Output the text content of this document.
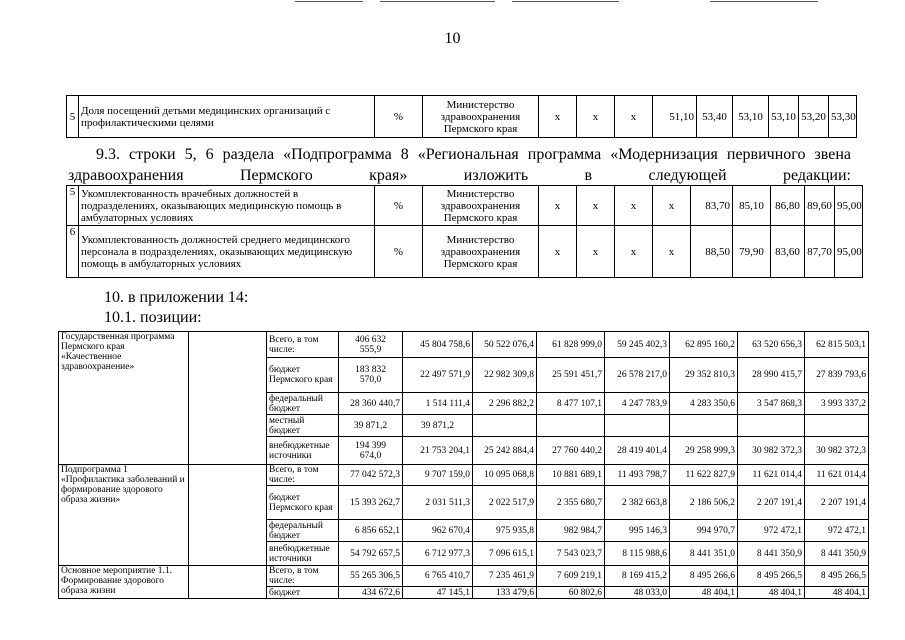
10
5	Доля посещений детьми медицинских организаций с профилактическими целями	%	Министерство здравоохранения Пермского края	x	x	x	51,10	53,40	53,10	53,10	53,20	53,30
9.3. строки 5, 6 раздела «Подпрограмма 8 «Региональная программа «Модернизация первичного звена здравоохранения Пермского края» изложить в следующей редакции:
5	Укомплектованность врачебных должностей в подразделениях, оказывающих медицинскую помощь в амбулаторных условиях	%	Министерство здравоохранения Пермского края	x	x	x	x	83,70	85,10	86,80	89,60	95,00
6	Укомплектованность должностей среднего медицинского персонала в подразделениях, оказывающих медицинскую помощь в амбулаторных условиях	%	Министерство здравоохранения Пермского края	x	x	x	x	88,50	79,90	83,60	87,70	95,00
10. в приложении 14:
10.1. позиции:
Государственная программа Пермского края «Качественное здравоохранение»		Всего, в том числе:	406 632 555,9	45 804 758,6	50 522 076,4	61 828 999,0	59 245 402,3	62 895 160,2	63 520 656,3	62 815 503,1
		бюджет Пермского края	183 832 570,0	22 497 571,9	22 982 309,8	25 591 451,7	26 578 217,0	29 352 810,3	28 990 415,7	27 839 793,6
		федеральный бюджет	28 360 440,7	1 514 111,4	2 296 882,2	8 477 107,1	4 247 783,9	4 283 350,6	3 547 868,3	3 993 337,2
		местный бюджет	39 871,2	39 871,2						
		внебюджетные источники	194 399 674,0	21 753 204,1	25 242 884,4	27 760 440,2	28 419 401,4	29 258 999,3	30 982 372,3	30 982 372,3
Подпрограмма 1 «Профилактика заболеваний и формирование здорового образа жизни»		Всего, в том числе:	77 042 572,3	9 707 159,0	10 095 068,8	10 881 689,1	11 493 798,7	11 622 827,9	11 621 014,4	11 621 014,4
		бюджет Пермского края	15 393 262,7	2 031 511,3	2 022 517,9	2 355 680,7	2 382 663,8	2 186 506,2	2 207 191,4	2 207 191,4
		федеральный бюджет	6 856 652,1	962 670,4	975 935,8	982 984,7	995 146,3	994 970,7	972 472,1	972 472,1
		внебюджетные источники	54 792 657,5	6 712 977,3	7 096 615,1	7 543 023,7	8 115 988,6	8 441 351,0	8 441 350,9	8 441 350,9
Основное мероприятие 1.1. Формирование здорового образа жизни		Всего, в том числе:	55 265 306,5	6 765 410,7	7 235 461,9	7 609 219,1	8 169 415,2	8 495 266,6	8 495 266,5	8 495 266,5
		бюджет	434 672,6	47 145,1	133 479,6	60 802,6	48 033,0	48 404,1	48 404,1	48 404,1
